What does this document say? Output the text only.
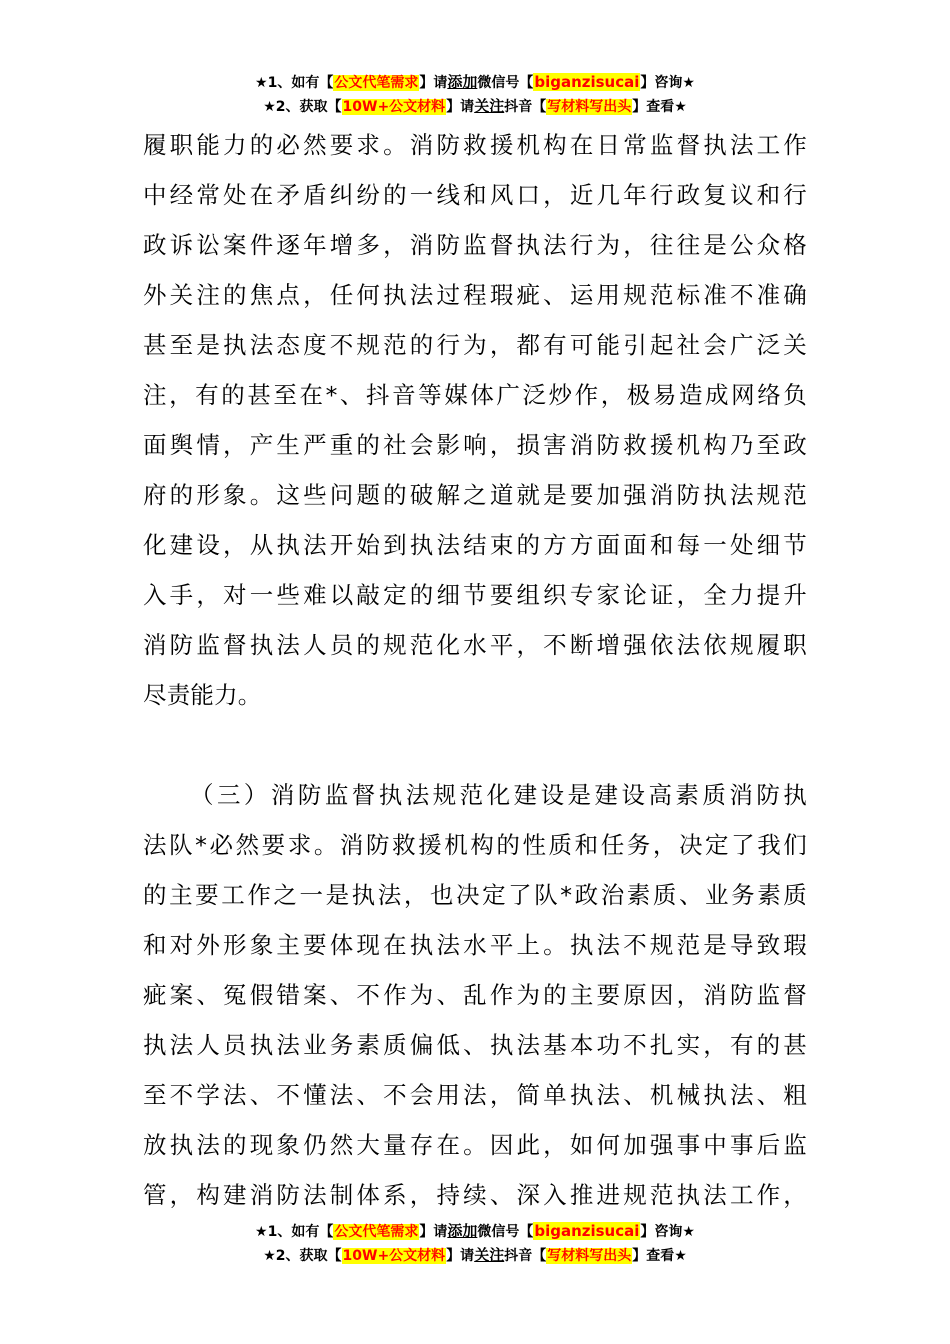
★1、如有【公文代笔需求】请添加微信号【biganzisucai】咨询★
★2、获取【10W+公文材料】请关注抖音【写材料写出头】查看★
履职能力的必然要求。消防救援机构在日常监督执法工作
中经常处在矛盾纠纷的一线和风口，近几年行政复议和行
政诉讼案件逐年增多，消防监督执法行为，往往是公众格
外关注的焦点，任何执法过程瑕疵、运用规范标准不准确
甚至是执法态度不规范的行为，都有可能引起社会广泛关
注，有的甚至在*、抖音等媒体广泛炒作，极易造成网络负
面舆情，产生严重的社会影响，损害消防救援机构乃至政
府的形象。这些问题的破解之道就是要加强消防执法规范
化建设，从执法开始到执法结束的方方面面和每一处细节
入手，对一些难以敲定的细节要组织专家论证，全力提升
消防监督执法人员的规范化水平，不断增强依法依规履职
尽责能力。
（三）消防监督执法规范化建设是建设高素质消防执
法队*必然要求。消防救援机构的性质和任务，决定了我们
的主要工作之一是执法，也决定了队*政治素质、业务素质
和对外形象主要体现在执法水平上。执法不规范是导致瑕
疵案、冤假错案、不作为、乱作为的主要原因，消防监督
执法人员执法业务素质偏低、执法基本功不扎实，有的甚
至不学法、不懂法、不会用法，简单执法、机械执法、粗
放执法的现象仍然大量存在。因此，如何加强事中事后监
管，构建消防法制体系，持续、深入推进规范执法工作，
★1、如有【公文代笔需求】请添加微信号【biganzisucai】咨询★
★2、获取【10W+公文材料】请关注抖音【写材料写出头】查看★
